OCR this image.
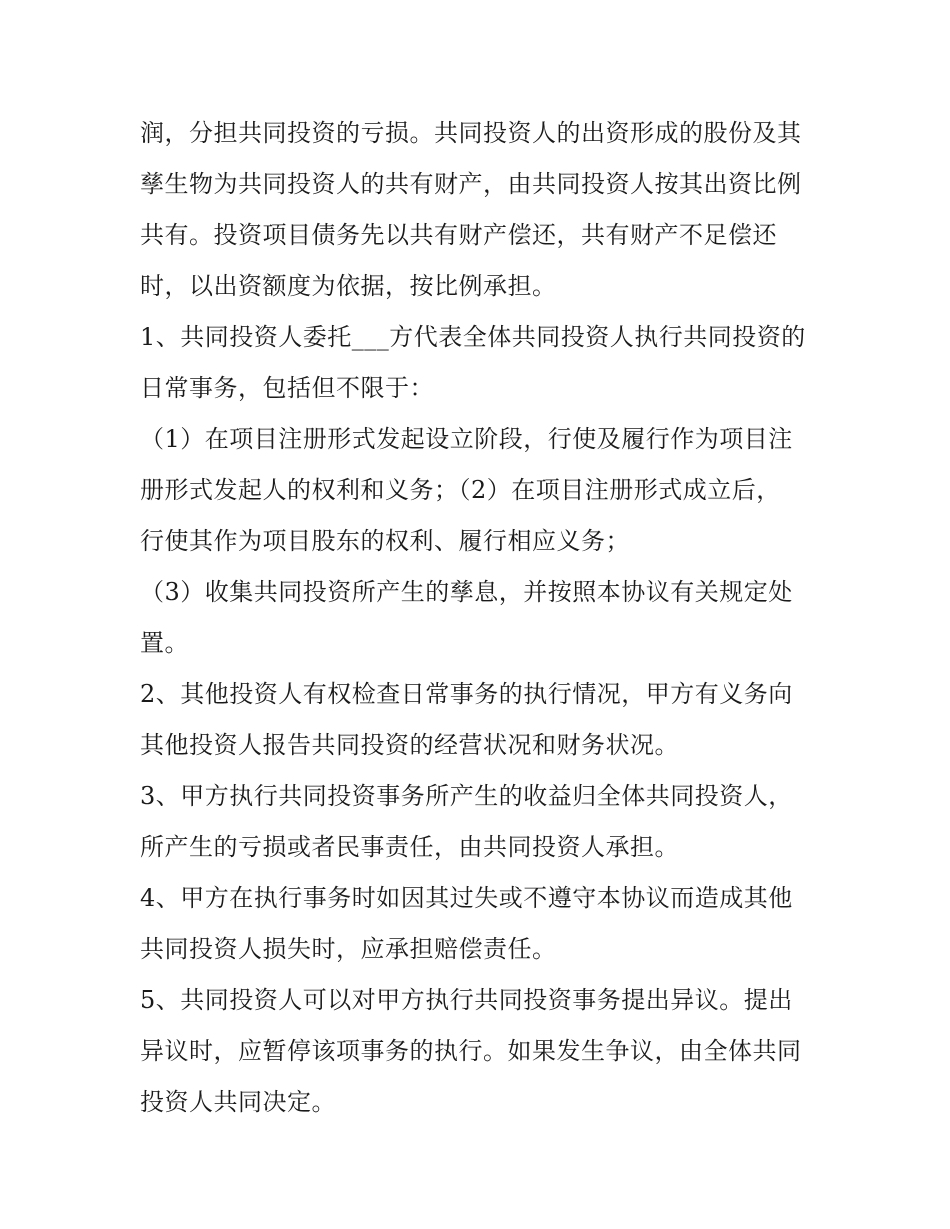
润，分担共同投资的亏损。共同投资人的出资形成的股份及其
孳生物为共同投资人的共有财产，由共同投资人按其出资比例
共有。投资项目债务先以共有财产偿还，共有财产不足偿还
时，以出资额度为依据，按比例承担。
1、共同投资人委托___方代表全体共同投资人执行共同投资的
日常事务，包括但不限于：
（1）在项目注册形式发起设立阶段，行使及履行作为项目注
册形式发起人的权利和义务；（2）在项目注册形式成立后，
行使其作为项目股东的权利、履行相应义务；
（3）收集共同投资所产生的孳息，并按照本协议有关规定处
置。
2、其他投资人有权检查日常事务的执行情况，甲方有义务向
其他投资人报告共同投资的经营状况和财务状况。
3、甲方执行共同投资事务所产生的收益归全体共同投资人，
所产生的亏损或者民事责任，由共同投资人承担。
4、甲方在执行事务时如因其过失或不遵守本协议而造成其他
共同投资人损失时，应承担赔偿责任。
5、共同投资人可以对甲方执行共同投资事务提出异议。提出
异议时，应暂停该项事务的执行。如果发生争议，由全体共同
投资人共同决定。
